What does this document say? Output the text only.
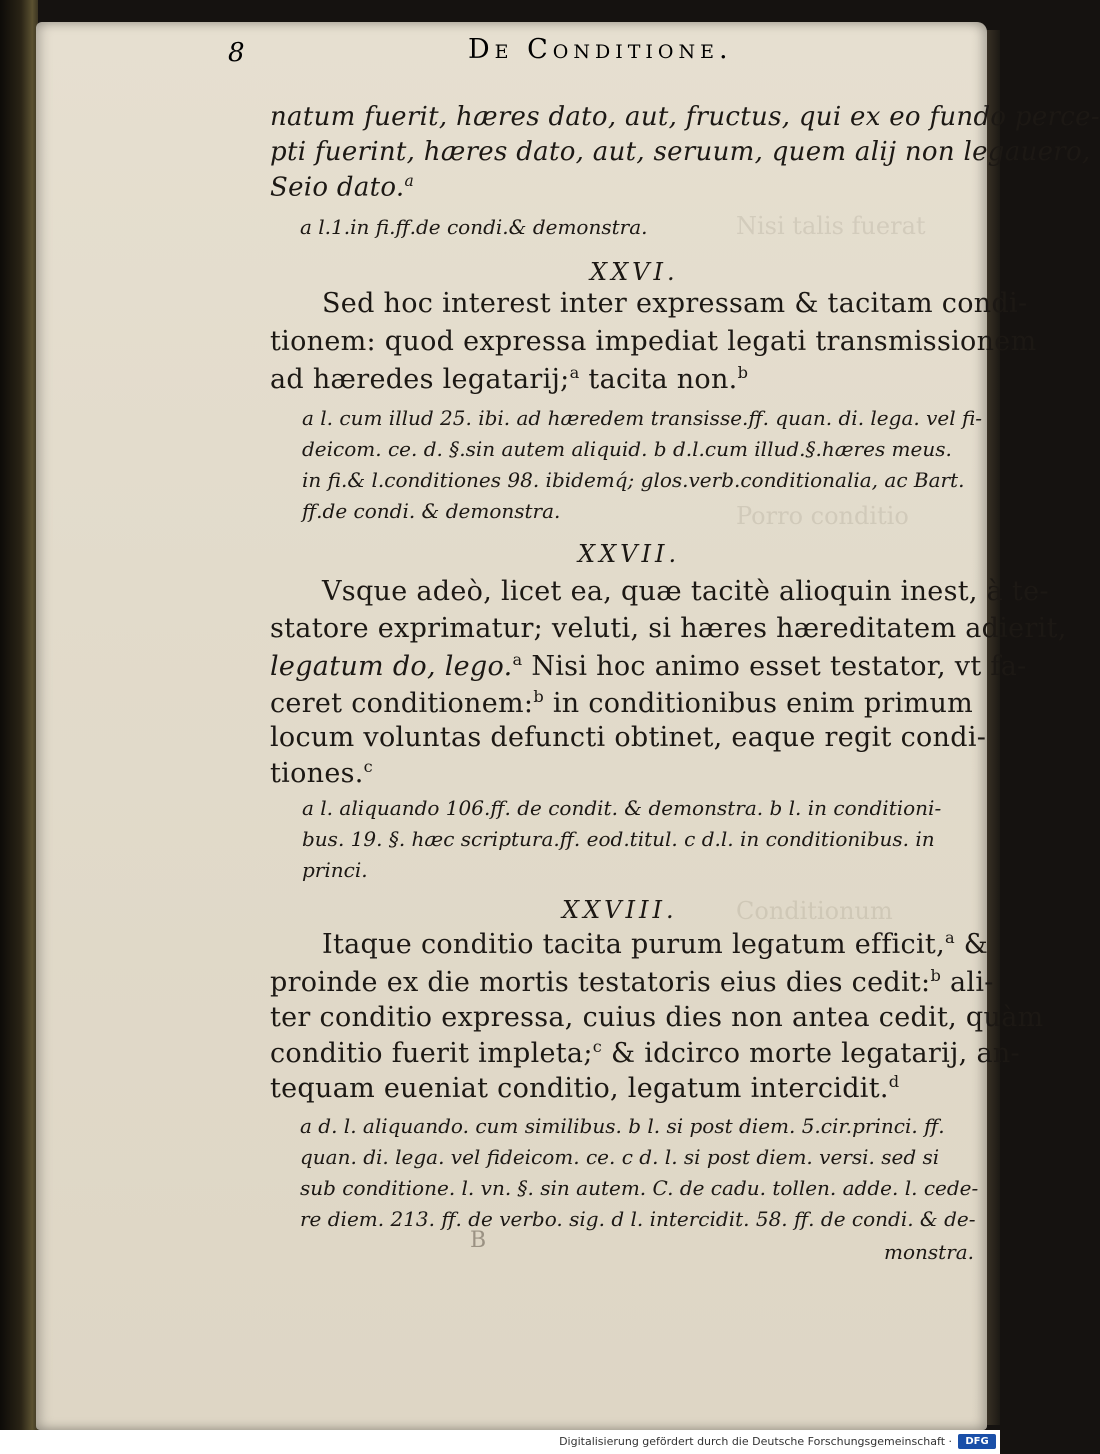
Nisi talis fuerat
Porro conditio
Conditionum
8	De Conditione.
natum fuerit, hæres dato, aut, fructus, qui ex eo fundo perce-
pti fuerint, hæres dato, aut, seruum, quem alij non legauero,
Seio dato.$^a$
a l.1.in fi.ff.de condi.& demonstra.
XXVI.
Sed hoc interest inter expressam & tacitam condi-
tionem: quod expressa impediat legati transmissionem
ad hæredes legatarij;$^a$ tacita non.$^b$
a l. cum illud 25. ibi. ad hæredem transisse.ff. quan. di. lega. vel fi-
deicom. ce. d. §.sin autem aliquid. b d.l.cum illud.§.hæres meus.
in fi.& l.conditiones 98. ibidemq́; glos.verb.conditionalia, ac Bart.
ff.de condi. & demonstra.
XXVII.
Vsque adeò, licet ea, quæ tacitè alioquin inest, à te-
statore exprimatur; veluti, si hæres hæreditatem adierit,
legatum do, lego.$^a$ Nisi hoc animo esset testator, vt fa-
ceret conditionem:$^b$ in conditionibus enim primum
locum voluntas defuncti obtinet, eaque regit condi-
tiones.$^c$
a l. aliquando 106.ff. de condit. & demonstra. b l. in conditioni-
bus. 19. §. hæc scriptura.ff. eod.titul. c d.l. in conditionibus. in
princi.
XXVIII.
Itaque conditio tacita purum legatum efficit,$^a$ &
proinde ex die mortis testatoris eius dies cedit:$^b$ ali-
ter conditio expressa, cuius dies non antea cedit, quàm
conditio fuerit impleta;$^c$ & idcirco morte legatarij, an-
tequam eueniat conditio, legatum intercidit.$^d$
a d. l. aliquando. cum similibus. b l. si post diem. 5.cir.princi. ff.
quan. di. lega. vel fideicom. ce. c d. l. si post diem. versi. sed si
sub conditione. l. vn. §. sin autem. C. de cadu. tollen. adde. l. cede-
re diem. 213. ff. de verbo. sig. d l. intercidit. 58. ff. de condi. & de-
monstra.
B
Digitalisierung gefördert durch die Deutsche Forschungsgemeinschaft ·	DFG
